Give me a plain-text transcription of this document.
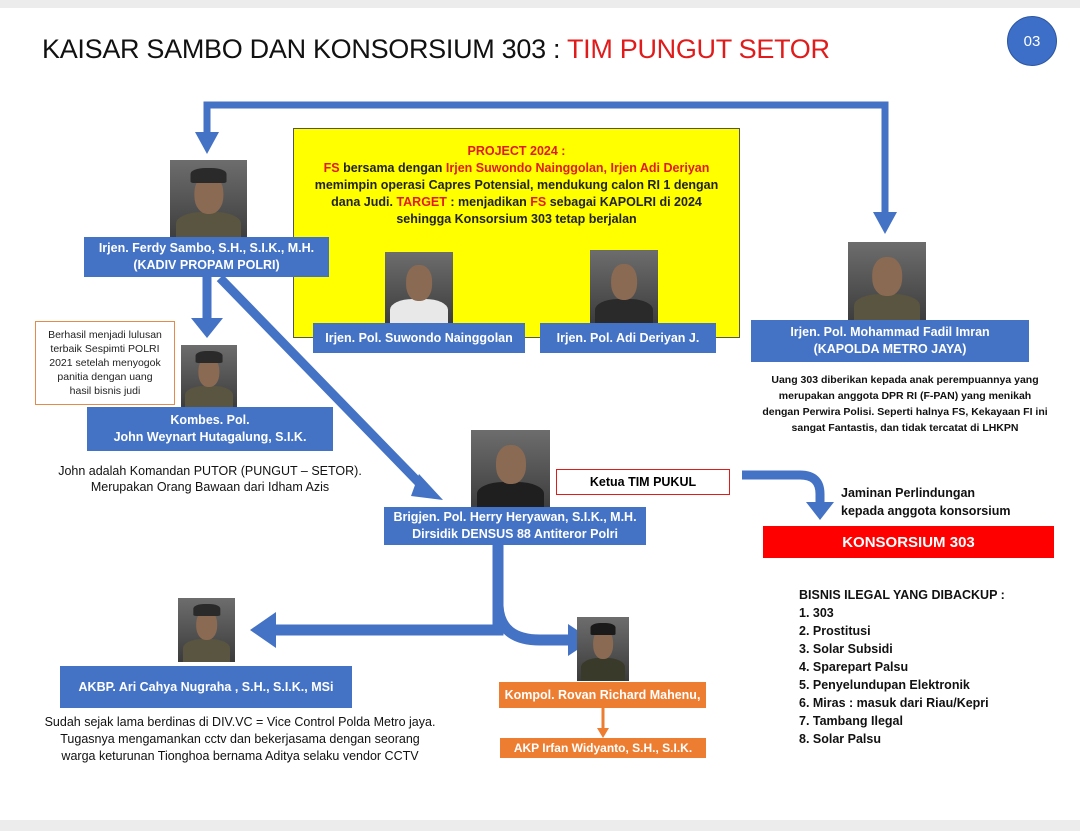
KAISAR SAMBO DAN KONSORSIUM 303 : TIM PUNGUT SETOR	03
PROJECT 2024 :
FS bersama dengan Irjen Suwondo Nainggolan, Irjen Adi Deriyan memimpin operasi Capres Potensial, mendukung calon RI 1 dengan dana Judi. TARGET : menjadikan FS sebagai KAPOLRI di 2024 sehingga Konsorsium 303 tetap berjalan
Irjen. Ferdy Sambo, S.H., S.I.K., M.H.
(KADIV PROPAM POLRI)
Irjen. Pol. Suwondo Nainggolan	Irjen. Pol. Adi Deriyan J.	Irjen. Pol. Mohammad Fadil Imran
(KAPOLDA METRO JAYA)
Kombes. Pol.
John Weynart Hutagalung, S.I.K.
Brigjen. Pol. Herry Heryawan, S.I.K., M.H.
Dirsidik DENSUS 88 Antiteror Polri
AKBP. Ari Cahya Nugraha , S.H., S.I.K., MSi
Kompol. Rovan Richard Mahenu,
AKP Irfan Widyanto, S.H., S.I.K.
Berhasil menjadi lulusan
terbaik Sespimti POLRI
2021 setelah menyogok
panitia dengan uang
hasil bisnis judi
John adalah Komandan PUTOR (PUNGUT – SETOR).
Merupakan Orang Bawaan dari Idham Azis
Uang 303 diberikan kepada anak perempuannya yang
merupakan anggota DPR RI (F-PAN) yang menikah
dengan Perwira Polisi. Seperti halnya FS, Kekayaan FI ini
sangat Fantastis, dan tidak tercatat di LHKPN
Sudah sejak lama berdinas di DIV.VC = Vice Control Polda Metro jaya.
Tugasnya mengamankan cctv dan bekerjasama dengan seorang
warga keturunan Tionghoa bernama Aditya selaku vendor CCTV
Ketua TIM PUKUL
Jaminan Perlindungan
kepada anggota konsorsium
KONSORSIUM 303
BISNIS ILEGAL YANG DIBACKUP :
1. 303
2. Prostitusi
3. Solar Subsidi
4. Sparepart Palsu
5. Penyelundupan Elektronik
6. Miras : masuk dari Riau/Kepri
7. Tambang Ilegal
8. Solar Palsu
